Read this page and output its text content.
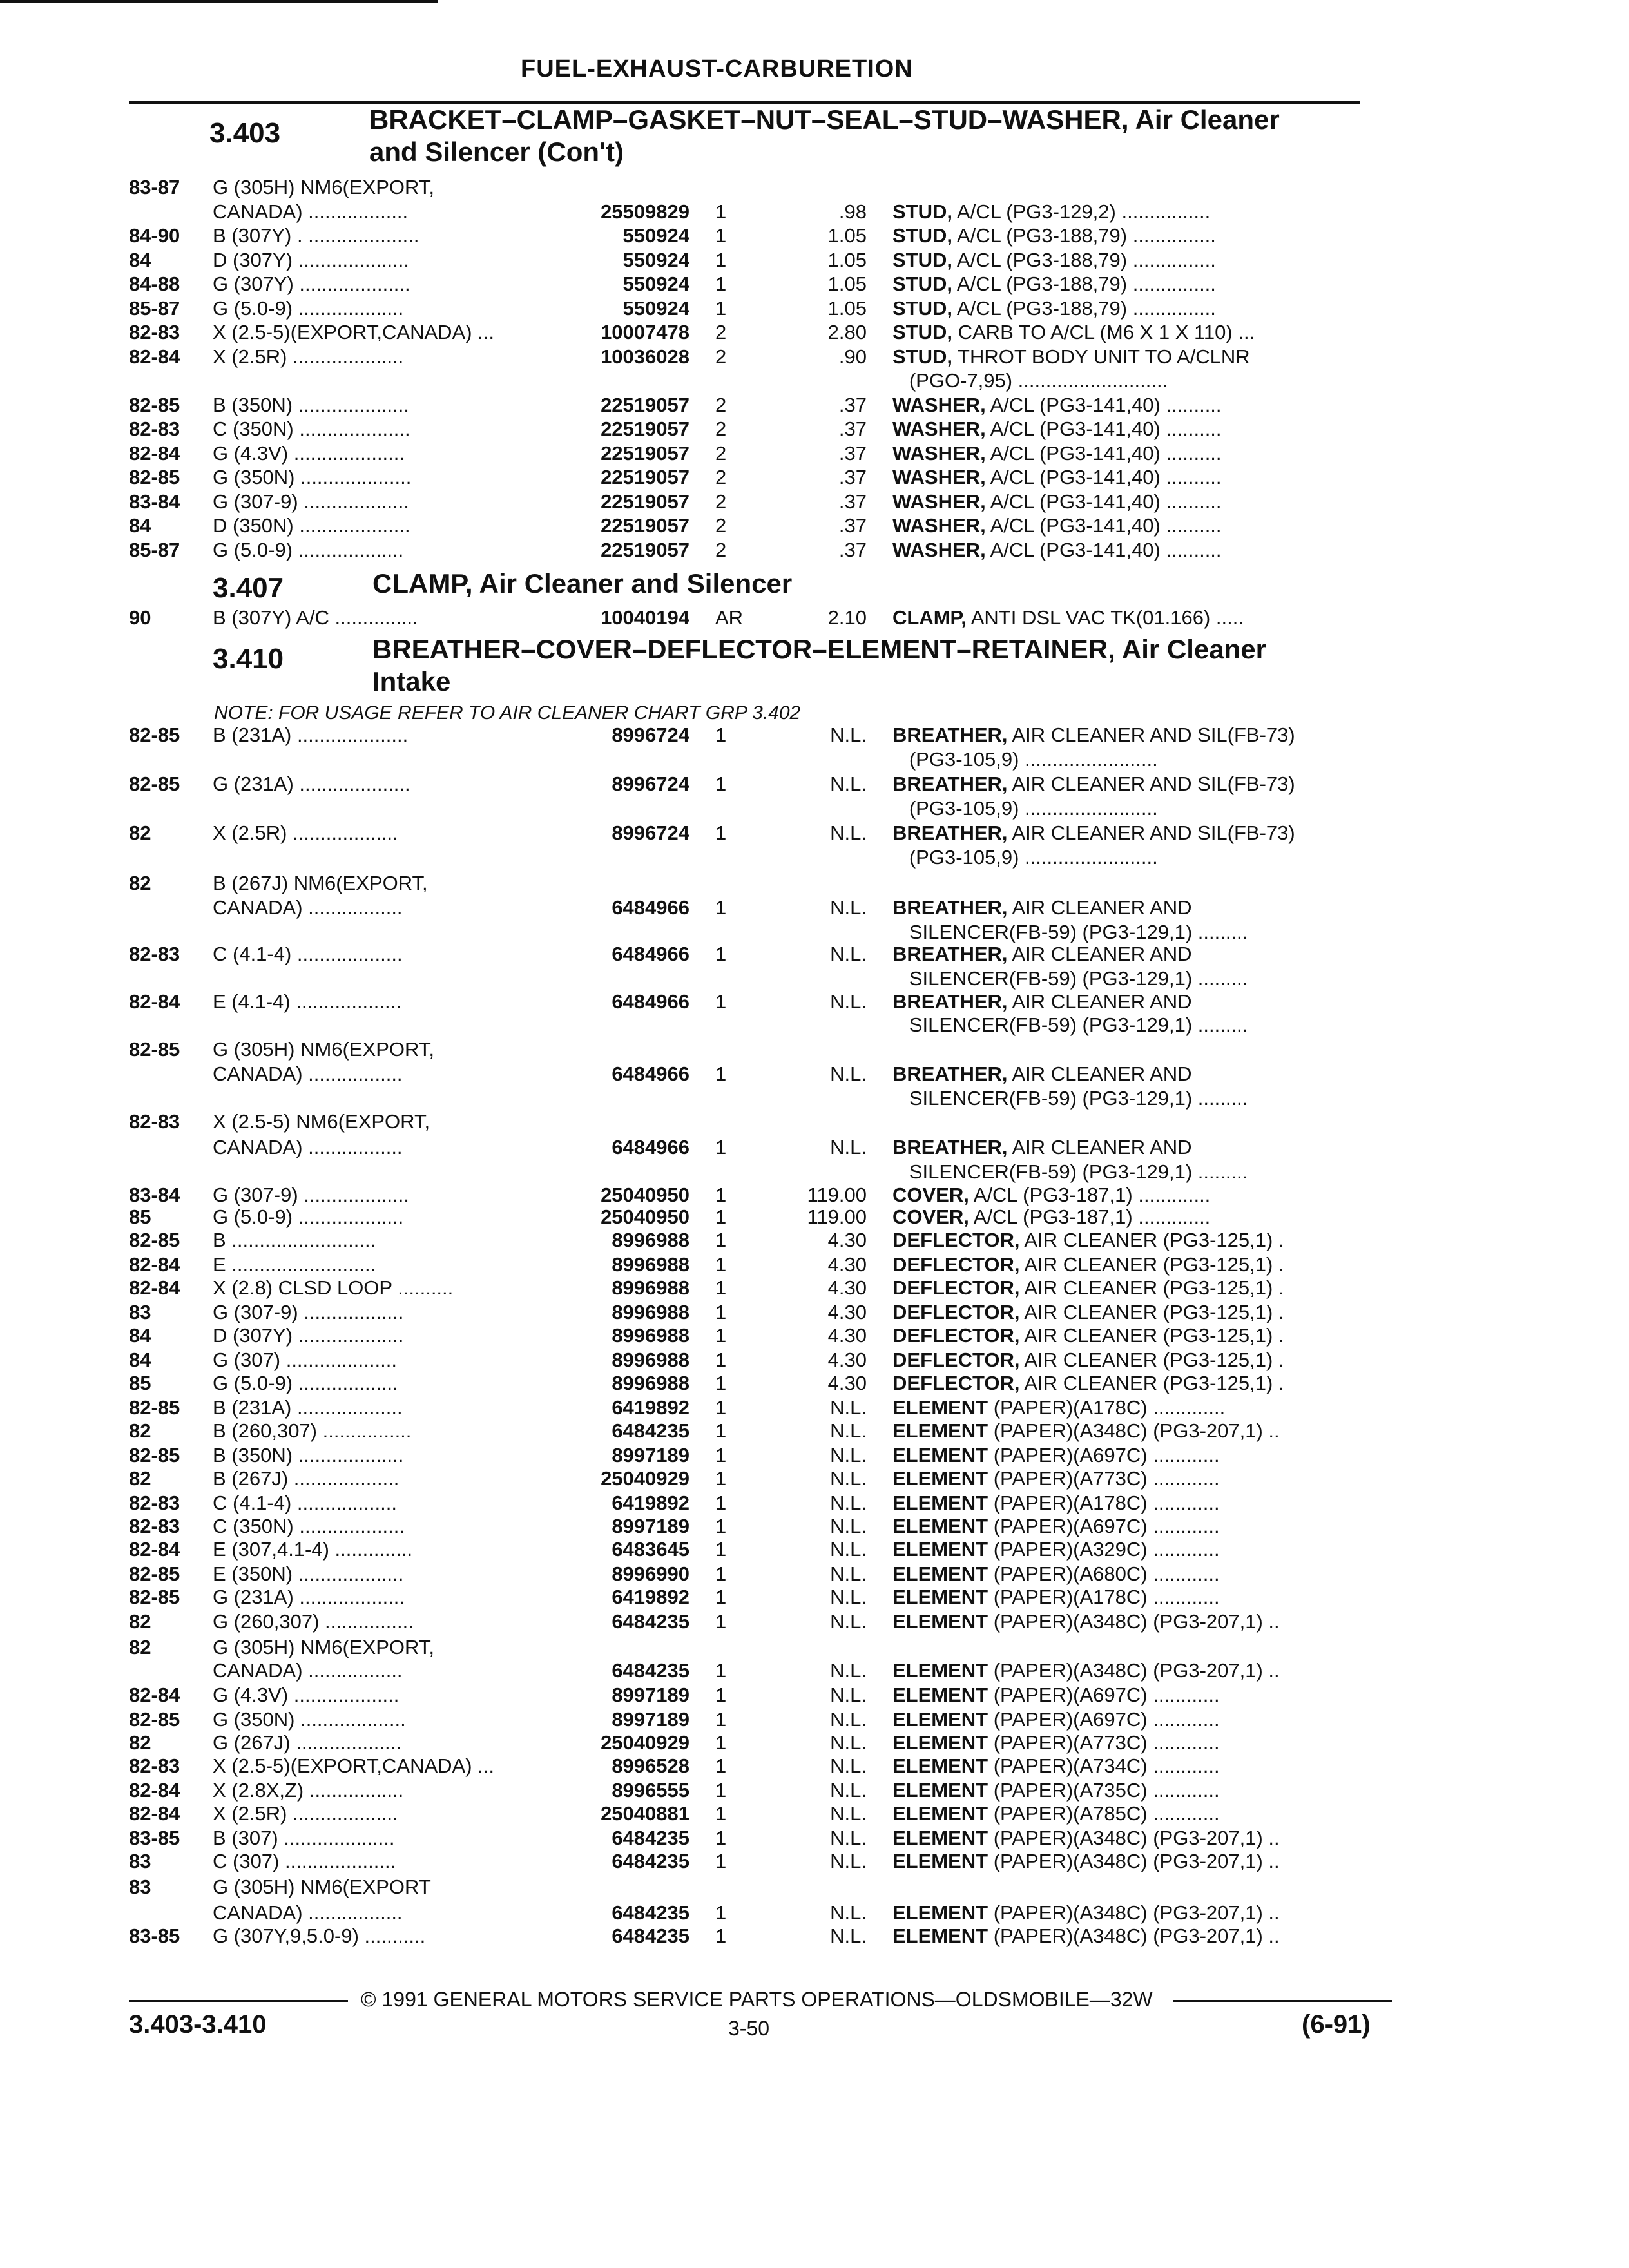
FUEL-EXHAUST-CARBURETION
3.403	BRACKET–CLAMP–GASKET–NUT–SEAL–STUD–WASHER, Air Cleaner
and Silencer (Con't)
3.407	CLAMP, Air Cleaner and Silencer
3.410	BREATHER–COVER–DEFLECTOR–ELEMENT–RETAINER, Air Cleaner
Intake
NOTE: FOR USAGE REFER TO AIR CLEANER CHART GRP 3.402
83-87 G (305H) NM6(EXPORT,
CANADA) ..................	25509829 1	.98 STUD, A/CL (PG3-129,2) ................
84-90 B (307Y) . ....................	550924 1	1.05 STUD, A/CL (PG3-188,79) ...............
84	D (307Y) ....................	550924 1	1.05 STUD, A/CL (PG3-188,79) ...............
84-88 G (307Y) ....................	550924 1	1.05 STUD, A/CL (PG3-188,79) ...............
85-87 G (5.0-9) ...................	550924 1	1.05 STUD, A/CL (PG3-188,79) ...............
82-83 X (2.5-5)(EXPORT,CANADA) ...	10007478 2	2.80 STUD, CARB TO A/CL (M6 X 1 X 110) ...
82-84 X (2.5R) ....................	10036028 2	.90 STUD, THROT BODY UNIT TO A/CLNR
(PGO-7,95) ...........................
82-85 B (350N) ....................	22519057 2	.37 WASHER, A/CL (PG3-141,40) ..........
82-83 C (350N) ....................	22519057 2	.37 WASHER, A/CL (PG3-141,40) ..........
82-84 G (4.3V) ....................	22519057 2	.37 WASHER, A/CL (PG3-141,40) ..........
82-85 G (350N) ....................	22519057 2	.37 WASHER, A/CL (PG3-141,40) ..........
83-84 G (307-9) ...................	22519057 2	.37 WASHER, A/CL (PG3-141,40) ..........
84	D (350N) ....................	22519057 2	.37 WASHER, A/CL (PG3-141,40) ..........
85-87 G (5.0-9) ...................	22519057 2	.37 WASHER, A/CL (PG3-141,40) ..........
90	B (307Y) A/C ...............	10040194 AR	2.10 CLAMP, ANTI DSL VAC TK(01.166) .....
82-85 B (231A) ....................	8996724 1	N.L. BREATHER, AIR CLEANER AND SIL(FB-73)
(PG3-105,9) ........................
82-85 G (231A) ....................	8996724 1	N.L. BREATHER, AIR CLEANER AND SIL(FB-73)
(PG3-105,9) ........................
82	X (2.5R) ...................	8996724 1	N.L. BREATHER, AIR CLEANER AND SIL(FB-73)
(PG3-105,9) ........................
82	B (267J) NM6(EXPORT,
CANADA) .................	6484966 1	N.L. BREATHER, AIR CLEANER AND
SILENCER(FB-59) (PG3-129,1) .........
82-83 C (4.1-4) ...................	6484966 1	N.L. BREATHER, AIR CLEANER AND
SILENCER(FB-59) (PG3-129,1) .........
82-84 E (4.1-4) ...................	6484966 1	N.L. BREATHER, AIR CLEANER AND
SILENCER(FB-59) (PG3-129,1) .........
82-85 G (305H) NM6(EXPORT,
CANADA) .................	6484966 1	N.L. BREATHER, AIR CLEANER AND
SILENCER(FB-59) (PG3-129,1) .........
82-83 X (2.5-5) NM6(EXPORT,
CANADA) .................	6484966 1	N.L. BREATHER, AIR CLEANER AND
SILENCER(FB-59) (PG3-129,1) .........
83-84 G (307-9) ...................	25040950 1	119.00 COVER, A/CL (PG3-187,1) .............
85	G (5.0-9) ...................	25040950 1	119.00 COVER, A/CL (PG3-187,1) .............
82-85 B ..........................	8996988 1	4.30 DEFLECTOR, AIR CLEANER (PG3-125,1) .
82-84 E ..........................	8996988 1	4.30 DEFLECTOR, AIR CLEANER (PG3-125,1) .
82-84 X (2.8) CLSD LOOP ..........	8996988 1	4.30 DEFLECTOR, AIR CLEANER (PG3-125,1) .
83	G (307-9) ..................	8996988 1	4.30 DEFLECTOR, AIR CLEANER (PG3-125,1) .
84	D (307Y) ...................	8996988 1	4.30 DEFLECTOR, AIR CLEANER (PG3-125,1) .
84	G (307) ....................	8996988 1	4.30 DEFLECTOR, AIR CLEANER (PG3-125,1) .
85	G (5.0-9) ..................	8996988 1	4.30 DEFLECTOR, AIR CLEANER (PG3-125,1) .
82-85 B (231A) ...................	6419892 1	N.L. ELEMENT (PAPER)(A178C) .............
82	B (260,307) ................	6484235 1	N.L. ELEMENT (PAPER)(A348C) (PG3-207,1) ..
82-85 B (350N) ...................	8997189 1	N.L. ELEMENT (PAPER)(A697C) ............
82	B (267J) ...................	25040929 1	N.L. ELEMENT (PAPER)(A773C) ............
82-83 C (4.1-4) ..................	6419892 1	N.L. ELEMENT (PAPER)(A178C) ............
82-83 C (350N) ...................	8997189 1	N.L. ELEMENT (PAPER)(A697C) ............
82-84 E (307,4.1-4) ..............	6483645 1	N.L. ELEMENT (PAPER)(A329C) ............
82-85 E (350N) ...................	8996990 1	N.L. ELEMENT (PAPER)(A680C) ............
82-85 G (231A) ...................	6419892 1	N.L. ELEMENT (PAPER)(A178C) ............
82	G (260,307) ................	6484235 1	N.L. ELEMENT (PAPER)(A348C) (PG3-207,1) ..
82	G (305H) NM6(EXPORT,
CANADA) .................	6484235 1	N.L. ELEMENT (PAPER)(A348C) (PG3-207,1) ..
82-84 G (4.3V) ...................	8997189 1	N.L. ELEMENT (PAPER)(A697C) ............
82-85 G (350N) ...................	8997189 1	N.L. ELEMENT (PAPER)(A697C) ............
82	G (267J) ...................	25040929 1	N.L. ELEMENT (PAPER)(A773C) ............
82-83 X (2.5-5)(EXPORT,CANADA) ...	8996528 1	N.L. ELEMENT (PAPER)(A734C) ............
82-84 X (2.8X,Z) .................	8996555 1	N.L. ELEMENT (PAPER)(A735C) ............
82-84 X (2.5R) ...................	25040881 1	N.L. ELEMENT (PAPER)(A785C) ............
83-85 B (307) ....................	6484235 1	N.L. ELEMENT (PAPER)(A348C) (PG3-207,1) ..
83	C (307) ....................	6484235 1	N.L. ELEMENT (PAPER)(A348C) (PG3-207,1) ..
83	G (305H) NM6(EXPORT
CANADA) .................	6484235 1	N.L. ELEMENT (PAPER)(A348C) (PG3-207,1) ..
83-85 G (307Y,9,5.0-9) ...........	6484235 1	N.L. ELEMENT (PAPER)(A348C) (PG3-207,1) ..
© 1991 GENERAL MOTORS SERVICE PARTS OPERATIONS—OLDSMOBILE—32W
3.403-3.410	3-50	(6-91)
